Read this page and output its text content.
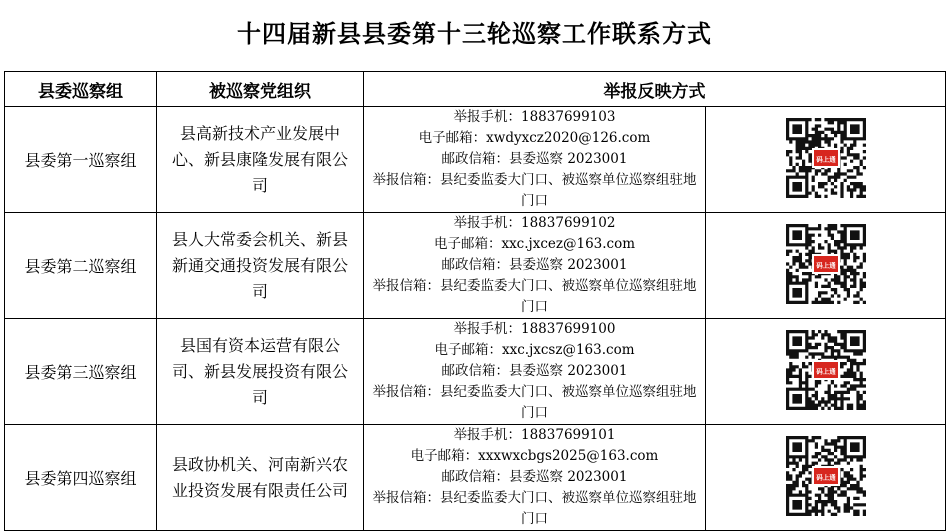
十四届新县县委第十三轮巡察工作联系方式
县委巡察组	被巡察党组织	举报反映方式	
县委第一巡察组	县高新技术产业发展中心、新县康隆发展有限公司	举报手机：18837699103
电子邮箱：xwdyxcz2020@126.com
邮政信箱：县委巡察 2023001
举报信箱：县纪委监委大门口、被巡察单位巡察组驻地门口	码上通

县委第二巡察组	县人大常委会机关、新县新通交通投资发展有限公司	举报手机：18837699102
电子邮箱：xxc.jxcez@163.com
邮政信箱：县委巡察 2023001
举报信箱：县纪委监委大门口、被巡察单位巡察组驻地门口	码上通

县委第三巡察组	县国有资本运营有限公司、新县发展投资有限公司	举报手机：18837699100
电子邮箱：xxc.jxcsz@163.com
邮政信箱：县委巡察 2023001
举报信箱：县纪委监委大门口、被巡察单位巡察组驻地门口	码上通

县委第四巡察组	县政协机关、河南新兴农业投资发展有限责任公司	举报手机：18837699101
电子邮箱：xxxwxcbgs2025@163.com
邮政信箱：县委巡察 2023001
举报信箱：县纪委监委大门口、被巡察单位巡察组驻地门口	码上通
